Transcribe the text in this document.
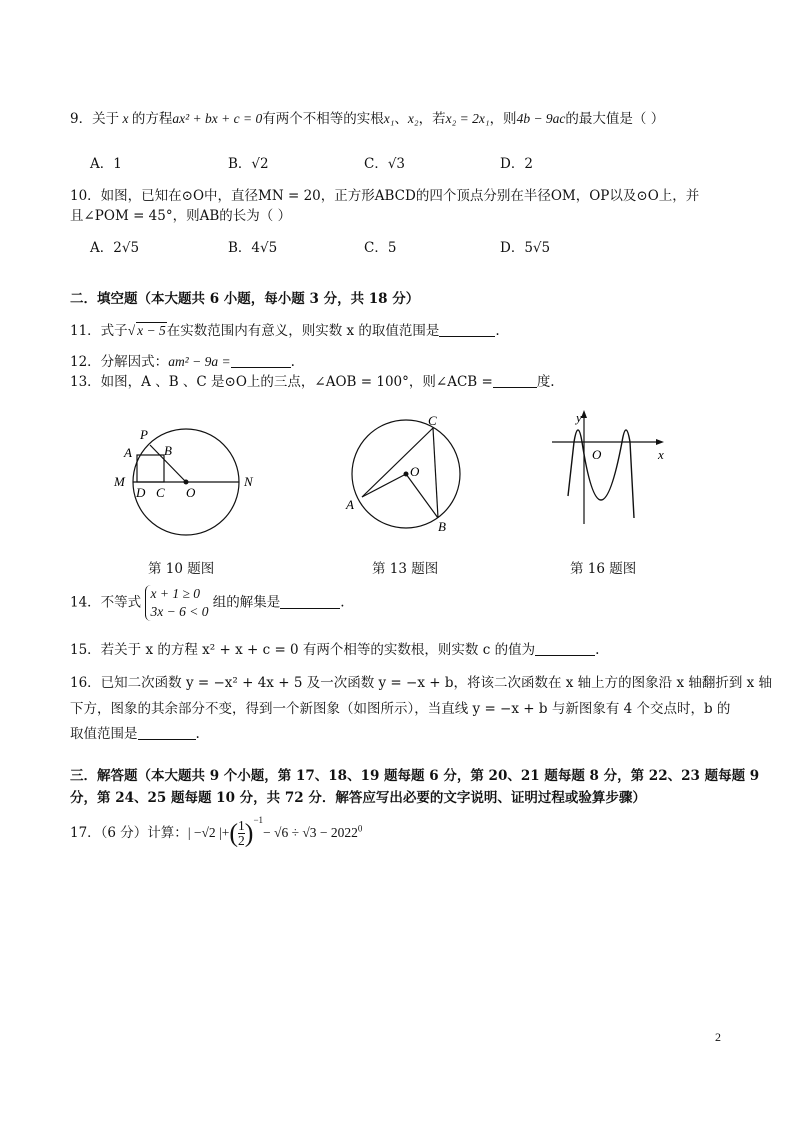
9．关于 x 的方程ax² + bx + c = 0有两个不相等的实根x₁、x₂，若x₂ = 2x₁，则4b − 9ac的最大值是（ ）
A．1	B．√2	C．√3	D．2
10．如图，已知在⊙O中，直径MN = 20，正方形ABCD的四个顶点分别在半径OM，OP以及⊙O上，并
且∠POM = 45°，则AB的长为（ ）
A．2√5	B．4√5	C．5	D．5√5
二．填空题（本大题共 6 小题，每小题 3 分，共 18 分）
11．式子√ x − 5在实数范围内有意义，则实数 x 的取值范围是	.
12．分解因式：am² − 9a =	.
13．如图，A 、B 、C 是⊙O上的三点，∠AOB = 100°，则∠ACB =	度.
P
A B
M
D C O
N
第 10 题图
C
O
A
B
第 13 题图
y
O	x
第 16 题图
14．不等式
x + 1 ≥ 0
3x − 6 < 0
组的解集是	.
15．若关于 x 的方程 x² + x + c = 0 有两个相等的实数根，则实数 c 的值为	.
16．已知二次函数 y = −x² + 4x + 5 及一次函数 y = −x + b，将该二次函数在 x 轴上方的图象沿 x 轴翻折到 x 轴
下方，图象的其余部分不变，得到一个新图象（如图所示），当直线 y = −x + b 与新图象有 4 个交点时，b 的
取值范围是	.
三．解答题（本大题共 9 个小题，第 17、18、19 题每题 6 分，第 20、21 题每题 8 分，第 22、23 题每题 9
分，第 24、25 题每题 10 分，共 72 分．解答应写出必要的文字说明、证明过程或验算步骤）
17．（6 分）计算：| −√2 |+( $\frac{1}{2} )^{-1}- √6 \div √3 - 2022^0$
2
